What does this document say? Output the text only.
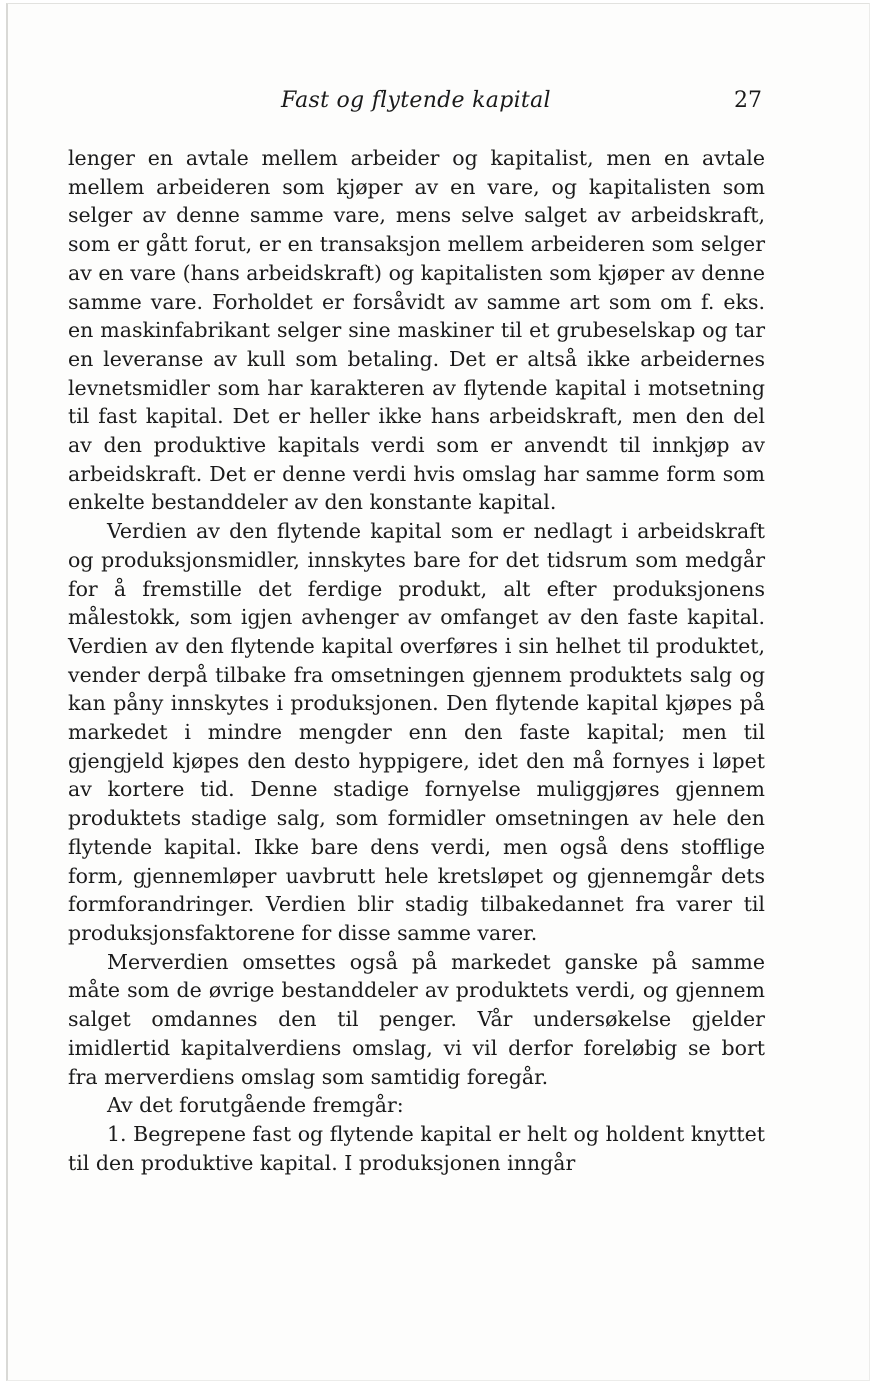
Fast og flytende kapital	27

lenger en avtale mellem arbeider og kapitalist, men en avtale mellem arbeideren som kjøper av en vare, og kapitalisten som selger av denne samme vare, mens selve salget av arbeidskraft, som er gått forut, er en transaksjon mellem arbeideren som selger av en vare (hans arbeidskraft) og kapitalisten som kjøper av denne samme vare. Forholdet er forsåvidt av samme art som om f. eks. en maskinfabrikant selger sine maskiner til et grubeselskap og tar en leveranse av kull som betaling. Det er altså ikke arbeidernes levnetsmidler som har karakteren av flytende kapital i motsetning til fast kapital. Det er heller ikke hans arbeidskraft, men den del av den produktive kapitals verdi som er anvendt til innkjøp av arbeidskraft. Det er denne verdi hvis omslag har samme form som enkelte bestanddeler av den konstante kapital.

Verdien av den flytende kapital som er nedlagt i arbeidskraft og produksjonsmidler, innskytes bare for det tidsrum som medgår for å fremstille det ferdige produkt, alt efter produksjonens målestokk, som igjen avhenger av omfanget av den faste kapital. Verdien av den flytende kapital overføres i sin helhet til produktet, vender derpå tilbake fra omsetningen gjennem produktets salg og kan påny innskytes i produksjonen. Den flytende kapital kjøpes på markedet i mindre mengder enn den faste kapital; men til gjengjeld kjøpes den desto hyppigere, idet den må fornyes i løpet av kortere tid. Denne stadige fornyelse muliggjøres gjennem produktets stadige salg, som formidler omsetningen av hele den flytende kapital. Ikke bare dens verdi, men også dens stofflige form, gjennemløper uavbrutt hele kretsløpet og gjennemgår dets formforandringer. Verdien blir stadig tilbakedannet fra varer til produksjonsfaktorene for disse samme varer.

Merverdien omsettes også på markedet ganske på samme måte som de øvrige bestanddeler av produktets verdi, og gjennem salget omdannes den til penger. Vår undersøkelse gjelder imidlertid kapitalverdiens omslag, vi vil derfor foreløbig se bort fra merverdiens omslag som samtidig foregår.

Av det forutgående fremgår:

1. Begrepene fast og flytende kapital er helt og holdent knyttet til den produktive kapital. I produksjonen inngår
